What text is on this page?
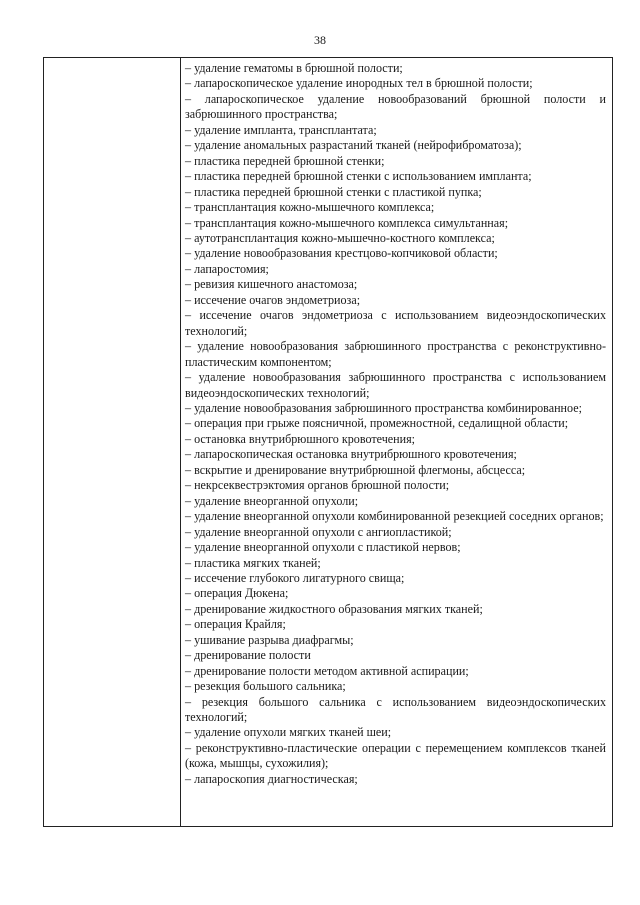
38
– удаление гематомы в брюшной полости;
– лапароскопическое удаление инородных тел в брюшной полости;
– лапароскопическое удаление новообразований брюшной полости и забрюшинного пространства;
– удаление импланта, трансплантата;
– удаление аномальных разрастаний тканей (нейрофиброматоза);
– пластика передней брюшной стенки;
– пластика передней брюшной стенки с использованием импланта;
– пластика передней брюшной стенки с пластикой пупка;
– трансплантация кожно-мышечного комплекса;
– трансплантация кожно-мышечного комплекса симультанная;
– аутотрансплантация кожно-мышечно-костного комплекса;
– удаление новообразования крестцово-копчиковой области;
– лапаростомия;
– ревизия кишечного анастомоза;
– иссечение очагов эндометриоза;
– иссечение очагов эндометриоза с использованием видеоэндоскопических технологий;
– удаление новообразования забрюшинного пространства с реконструктивно-пластическим компонентом;
– удаление новообразования забрюшинного пространства с использованием видеоэндоскопических технологий;
– удаление новообразования забрюшинного пространства комбинированное;
– операция при грыже поясничной, промежностной, седалищной области;
– остановка внутрибрюшного кровотечения;
– лапароскопическая остановка внутрибрюшного кровотечения;
– вскрытие и дренирование внутрибрюшной флегмоны, абсцесса;
– некрсеквестрэктомия органов брюшной полости;
– удаление внеорганной опухоли;
– удаление внеорганной опухоли комбинированной резекцией соседних органов;
– удаление внеорганной опухоли с ангиопластикой;
– удаление внеорганной опухоли с пластикой нервов;
– пластика мягких тканей;
– иссечение глубокого лигатурного свища;
– операция Дюкена;
– дренирование жидкостного образования мягких тканей;
– операция Крайля;
– ушивание разрыва диафрагмы;
– дренирование полости
– дренирование полости методом активной аспирации;
– резекция большого сальника;
– резекция большого сальника с использованием видеоэндоскопических технологий;
– удаление опухоли мягких тканей шеи;
– реконструктивно-пластические операции с перемещением комплексов тканей (кожа, мышцы, сухожилия);
– лапароскопия диагностическая;
